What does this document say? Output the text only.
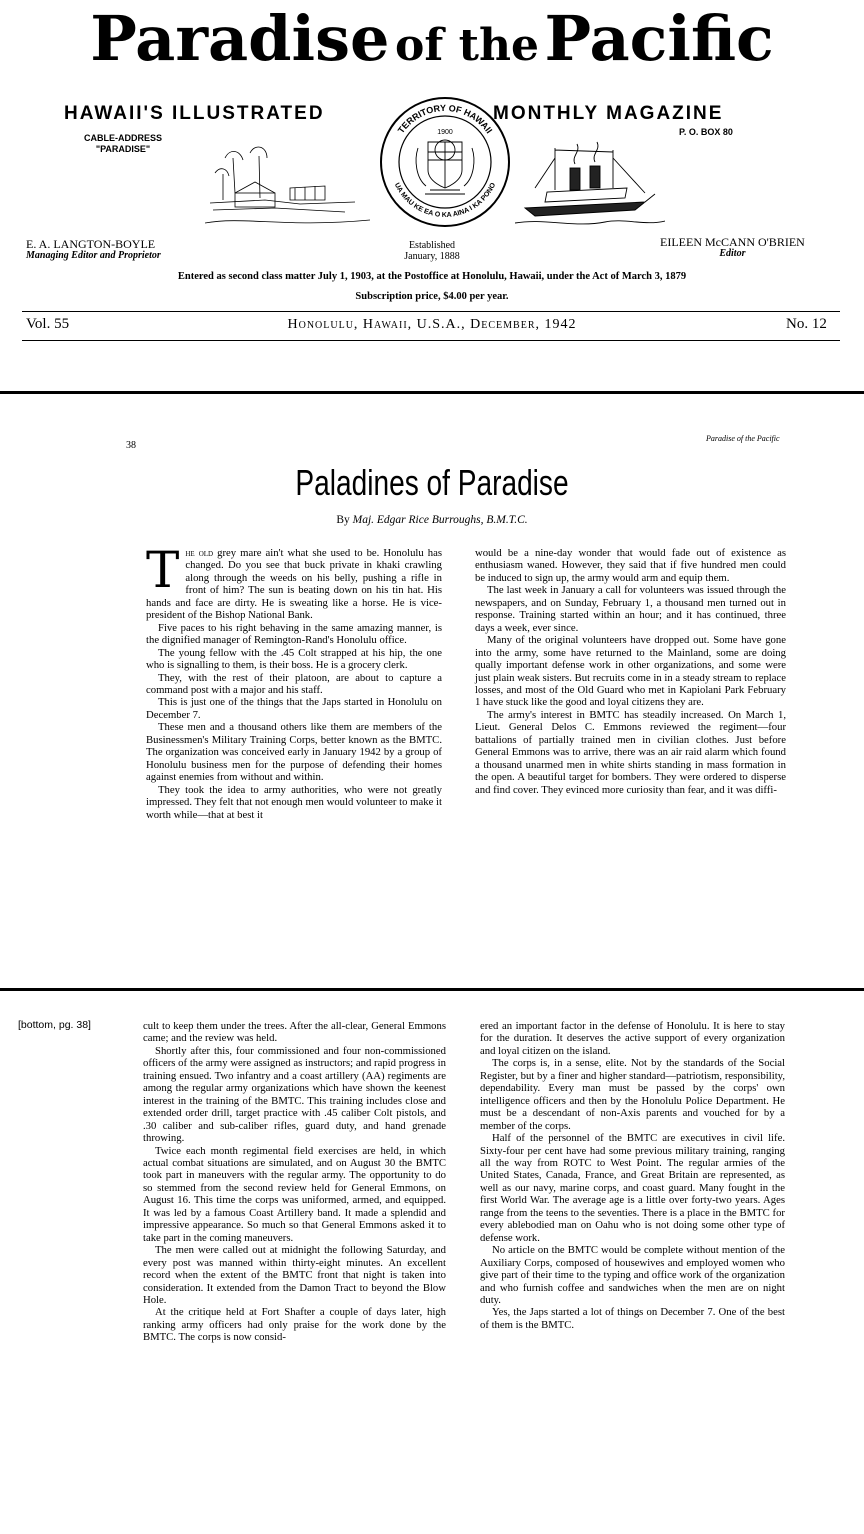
Paradise of the Pacific
HAWAII'S ILLUSTRATED	MONTHLY MAGAZINE
CABLE-ADDRESS
"PARADISE"
P. O. BOX 80
TERRITORY OF HAWAII
UA MAU KE EA O KA AINA I KA PONO
1900
E. A. LANGTON-BOYLE
Managing Editor and Proprietor
Established
January, 1888
EILEEN McCANN O'BRIEN
Editor
Entered as second class matter July 1, 1903, at the Postoffice at Honolulu, Hawaii, under the Act of March 3, 1879
Subscription price, $4.00 per year.
Vol. 55	Honolulu, Hawaii, U.S.A., December, 1942	No. 12
38
Paradise of the Pacific
Paladines of Paradise
By Maj. Edgar Rice Burroughs, B.M.T.C.

The old grey mare ain't what she used to be. Honolulu has changed. Do you see that buck private in khaki crawling along through the weeds on his belly, pushing a rifle in front of him? The sun is beating down on his tin hat. His hands and face are dirty. He is sweating like a horse. He is vice-president of the Bishop National Bank.

Five paces to his right behaving in the same amazing manner, is the dignified manager of Remington-Rand's Honolulu office.

The young fellow with the .45 Colt strapped at his hip, the one who is signalling to them, is their boss. He is a grocery clerk.

They, with the rest of their platoon, are about to capture a command post with a major and his staff.

This is just one of the things that the Japs started in Honolulu on December 7.

These men and a thousand others like them are members of the Businessmen's Military Training Corps, better known as the BMTC. The organization was conceived early in January 1942 by a group of Honolulu business men for the purpose of defending their homes against enemies from without and within.

They took the idea to army authorities, who were not greatly impressed. They felt that not enough men would volunteer to make it worth while—that at best it

would be a nine-day wonder that would fade out of existence as enthusiasm waned. However, they said that if five hundred men could be induced to sign up, the army would arm and equip them.

The last week in January a call for volunteers was issued through the newspapers, and on Sunday, February 1, a thousand men turned out in response. Training started within an hour; and it has continued, three days a week, ever since.

Many of the original volunteers have dropped out. Some have gone into the army, some have returned to the Mainland, some are doing qually important defense work in other organizations, and some were just plain weak sisters. But recruits come in in a steady stream to replace losses, and most of the Old Guard who met in Kapiolani Park February 1 have stuck like the good and loyal citizens they are.

The army's interest in BMTC has steadily increased. On March 1, Lieut. General Delos C. Emmons reviewed the regiment—four battalions of partially trained men in civilian clothes. Just before General Emmons was to arrive, there was an air raid alarm which found a thousand unarmed men in white shirts standing in mass formation in the open. A beautiful target for bombers. They were ordered to disperse and find cover. They evinced more curiosity than fear, and it was diffi-

[bottom, pg. 38]	cult to keep them under the trees. After the all-clear, General Emmons came; and the review was held.

Shortly after this, four commissioned and four non-commissioned officers of the army were assigned as instructors; and rapid progress in training ensued. Two infantry and a coast artillery (AA) regiments are among the regular army organizations which have shown the keenest interest in the training of the BMTC. This training includes close and extended order drill, target practice with .45 caliber Colt pistols, and .30 caliber and sub-caliber rifles, guard duty, and hand grenade throwing.

Twice each month regimental field exercises are held, in which actual combat situations are simulated, and on August 30 the BMTC took part in maneuvers with the regular army. The opportunity to do so stemmed from the second review held for General Emmons, on August 16. This time the corps was uniformed, armed, and equipped. It was led by a famous Coast Artillery band. It made a splendid and impressive appearance. So much so that General Emmons asked it to take part in the coming maneuvers.

The men were called out at midnight the following Saturday, and every post was manned within thirty-eight minutes. An excellent record when the extent of the BMTC front that night is taken into consideration. It extended from the Damon Tract to beyond the Blow Hole.

At the critique held at Fort Shafter a couple of days later, high ranking army officers had only praise for the work done by the BMTC. The corps is now consid-

ered an important factor in the defense of Honolulu. It is here to stay for the duration. It deserves the active support of every organization and loyal citizen on the island.

The corps is, in a sense, elite. Not by the standards of the Social Register, but by a finer and higher standard—patriotism, responsibility, dependability. Every man must be passed by the corps' own intelligence officers and then by the Honolulu Police Department. He must be a descendant of non-Axis parents and vouched for by a member of the corps.

Half of the personnel of the BMTC are executives in civil life. Sixty-four per cent have had some previous military training, ranging all the way from ROTC to West Point. The regular armies of the United States, Canada, France, and Great Britain are represented, as well as our navy, marine corps, and coast guard. Many fought in the first World War. The average age is a little over forty-two years. Ages range from the teens to the seventies. There is a place in the BMTC for every ablebodied man on Oahu who is not doing some other type of defense work.

No article on the BMTC would be complete without mention of the Auxiliary Corps, composed of housewives and employed women who give part of their time to the typing and office work of the organization and who furnish coffee and sandwiches when the men are on night duty.

Yes, the Japs started a lot of things on December 7. One of the best of them is the BMTC.
